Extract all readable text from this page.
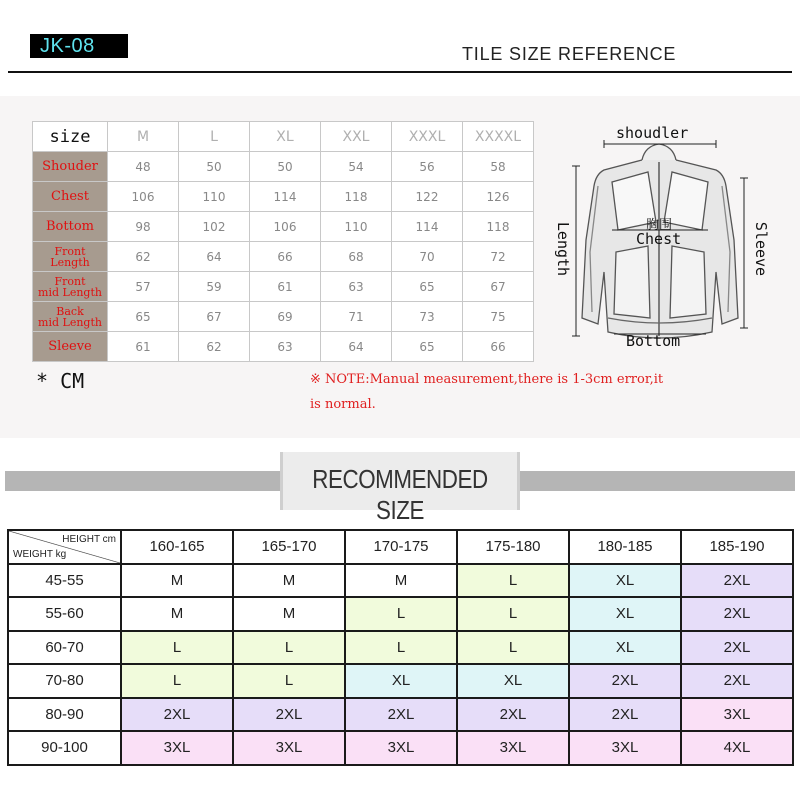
JK-08	TILE SIZE REFERENCE
size	M	L	XL	XXL	XXXL	XXXXL
Shouder	48	50	50	54	56	58
Chest	106	110	114	118	122	126
Bottom	98	102	106	110	114	118
Front
Length	62	64	66	68	70	72
Front
mid Length	57	59	61	63	65	67
Back
mid Length	65	67	69	71	73	75
Sleeve	61	62	63	64	65	66
* CM	※ NOTE:Manual measurement,there is 1-3cm error,it is normal.
shoudler
胸围
Chest
Length	Sleeve
Bottom
RECOMMENDED SIZE
HEIGHT cm
WEIGHT kg	160-165	165-170	170-175	175-180	180-185	185-190
45-55	M	M	M	L	XL	2XL
55-60	M	M	L	L	XL	2XL
60-70	L	L	L	L	XL	2XL
70-80	L	L	XL	XL	2XL	2XL
80-90	2XL	2XL	2XL	2XL	2XL	3XL
90-100	3XL	3XL	3XL	3XL	3XL	4XL
